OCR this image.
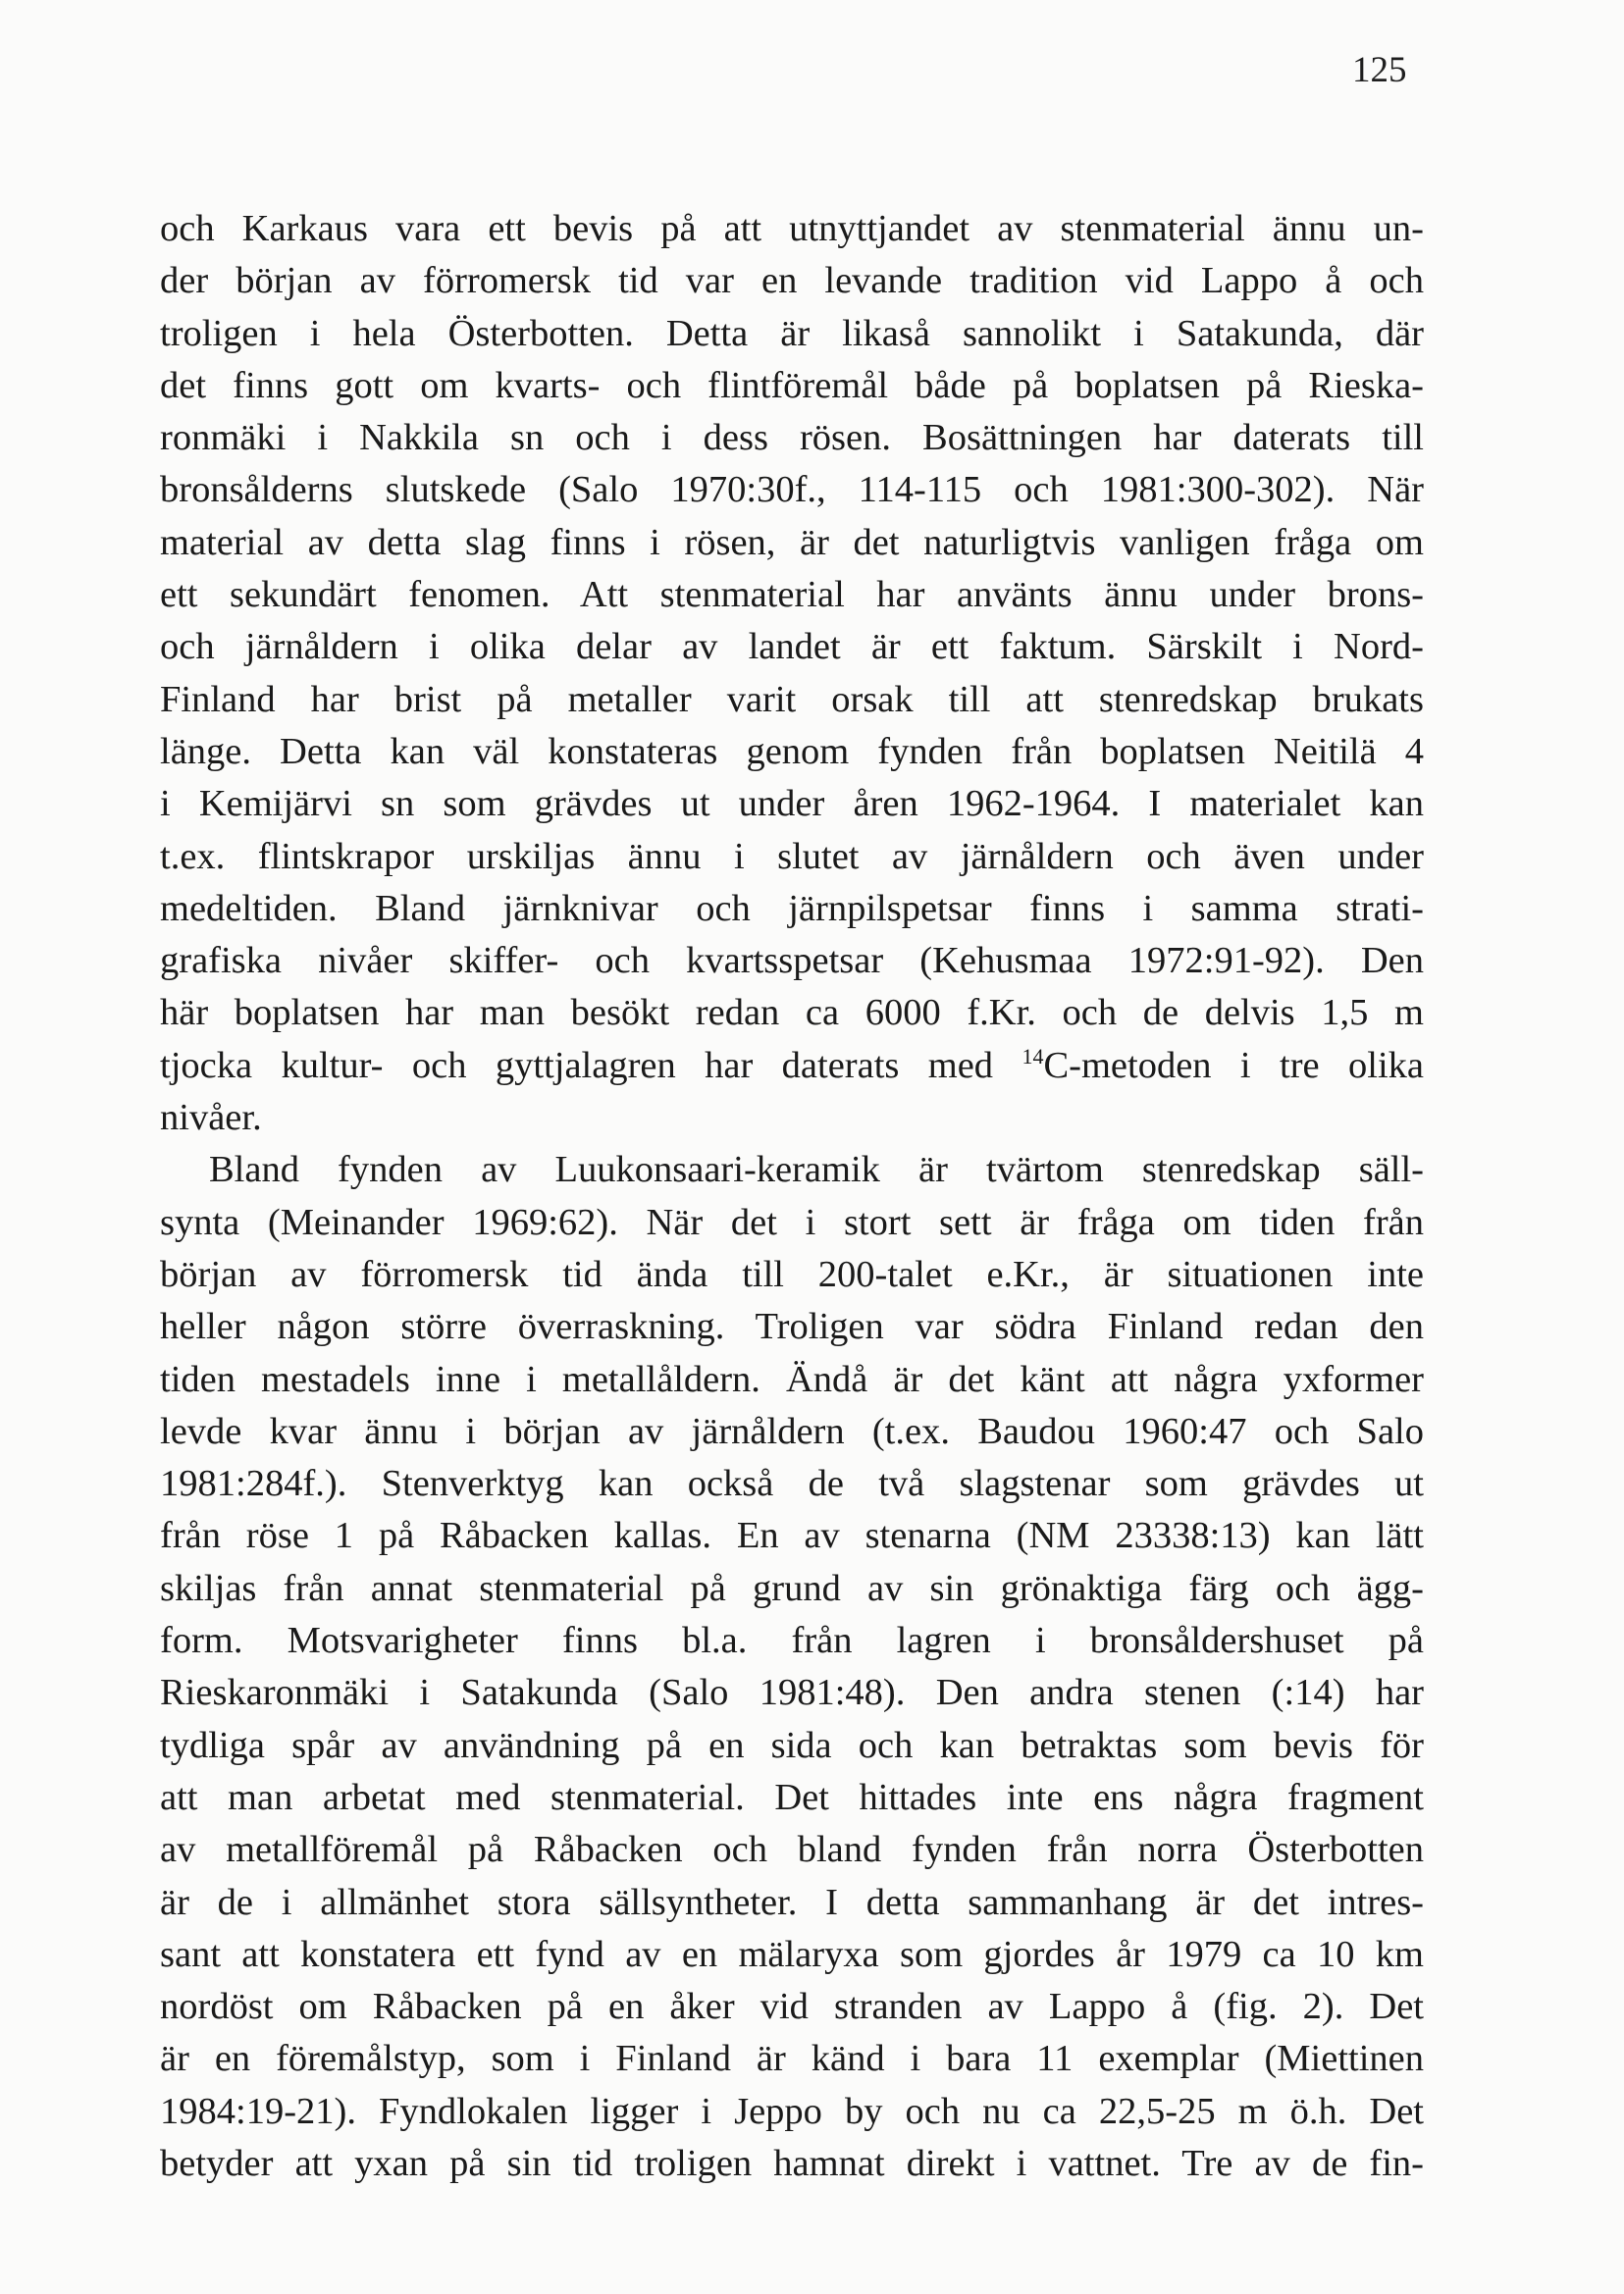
125
och Karkaus vara ett bevis på att utnyttjandet av stenmaterial ännu un-
der början av förromersk tid var en levande tradition vid Lappo å och
troligen i hela Österbotten. Detta är likaså sannolikt i Satakunda, där
det finns gott om kvarts- och flintföremål både på boplatsen på Rieska-
ronmäki i Nakkila sn och i dess rösen. Bosättningen har daterats till
bronsålderns slutskede (Salo 1970:30f., 114-115 och 1981:300-302). När
material av detta slag finns i rösen, är det naturligtvis vanligen fråga om
ett sekundärt fenomen. Att stenmaterial har använts ännu under brons-
och järnåldern i olika delar av landet är ett faktum. Särskilt i Nord-
Finland har brist på metaller varit orsak till att stenredskap brukats
länge. Detta kan väl konstateras genom fynden från boplatsen Neitilä 4
i Kemijärvi sn som grävdes ut under åren 1962-1964. I materialet kan
t.ex. flintskrapor urskiljas ännu i slutet av järnåldern och även under
medeltiden. Bland järnknivar och järnpilspetsar finns i samma strati-
grafiska nivåer skiffer- och kvartsspetsar (Kehusmaa 1972:91-92). Den
här boplatsen har man besökt redan ca 6000 f.Kr. och de delvis 1,5 m
tjocka kultur- och gyttjalagren har daterats med $^{14}$C-metoden i tre olika
nivåer.
Bland fynden av Luukonsaari-keramik är tvärtom stenredskap säll-
synta (Meinander 1969:62). När det i stort sett är fråga om tiden från
början av förromersk tid ända till 200-talet e.Kr., är situationen inte
heller någon större överraskning. Troligen var södra Finland redan den
tiden mestadels inne i metallåldern. Ändå är det känt att några yxformer
levde kvar ännu i början av järnåldern (t.ex. Baudou 1960:47 och Salo
1981:284f.). Stenverktyg kan också de två slagstenar som grävdes ut
från röse 1 på Råbacken kallas. En av stenarna (NM 23338:13) kan lätt
skiljas från annat stenmaterial på grund av sin grönaktiga färg och ägg-
form. Motsvarigheter finns bl.a. från lagren i bronsåldershuset på
Rieskaronmäki i Satakunda (Salo 1981:48). Den andra stenen (:14) har
tydliga spår av användning på en sida och kan betraktas som bevis för
att man arbetat med stenmaterial. Det hittades inte ens några fragment
av metallföremål på Råbacken och bland fynden från norra Österbotten
är de i allmänhet stora sällsyntheter. I detta sammanhang är det intres-
sant att konstatera ett fynd av en mälaryxa som gjordes år 1979 ca 10 km
nordöst om Råbacken på en åker vid stranden av Lappo å (fig. 2). Det
är en föremålstyp, som i Finland är känd i bara 11 exemplar (Miettinen
1984:19-21). Fyndlokalen ligger i Jeppo by och nu ca 22,5-25 m ö.h. Det
betyder att yxan på sin tid troligen hamnat direkt i vattnet. Tre av de fin-
